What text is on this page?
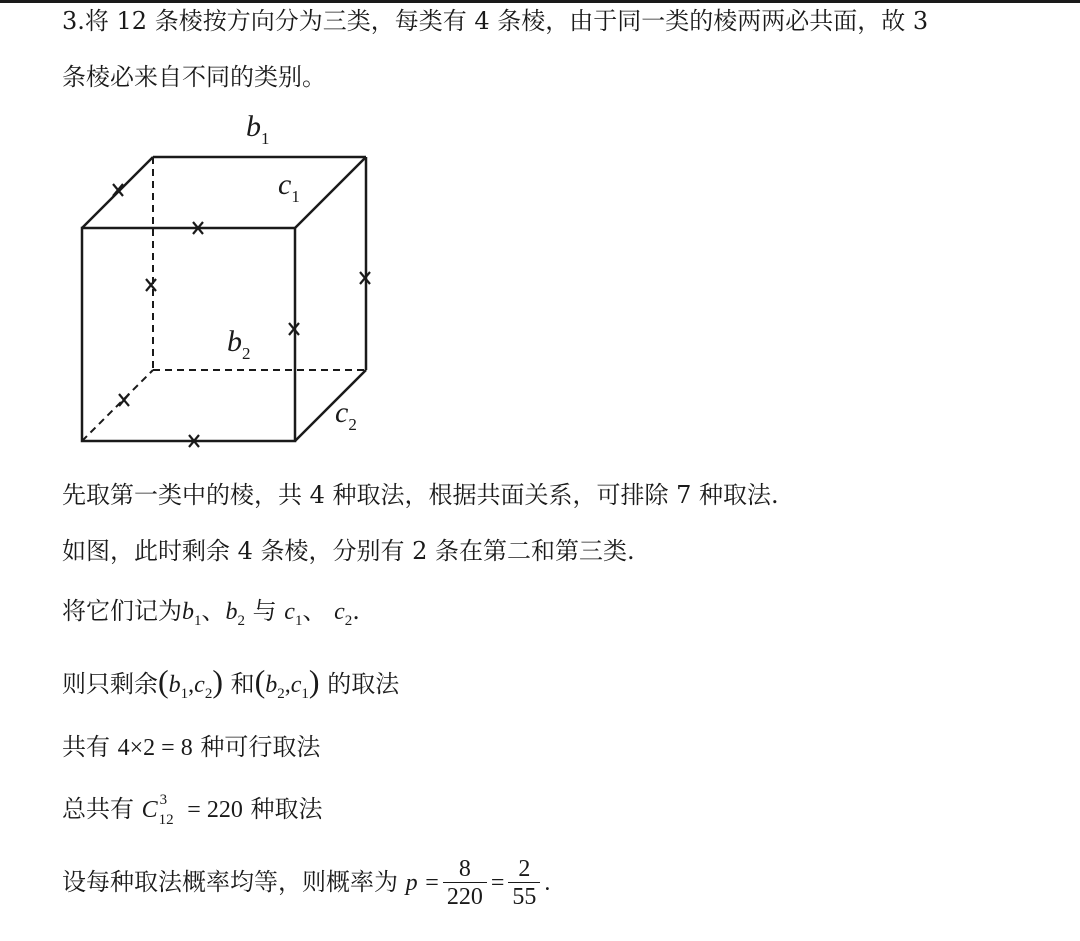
3.将 12 条棱按方向分为三类，每类有 4 条棱，由于同一类的棱两两必共面，故 3
条棱必来自不同的类别。
$b_1$
$c_1$
$b_2$
$c_2$
先取第一类中的棱，共 4 种取法，根据共面关系，可排除 7 种取法.
如图，此时剩余 4 条棱，分别有 2 条在第二和第三类.
将它们记为$b_1$、$b_2$ 与 $c_1$、 $c_2$.
则只剩余$(b_1,c_2)$ 和$(b_2,c_1)$ 的取法
共有 4×2 = 8 种可行取法
总共有 C 3
12 = 220 种取法
设每种取法概率均等，则概率为 $p = \frac{8}{220} = \frac{2}{55}$ .
